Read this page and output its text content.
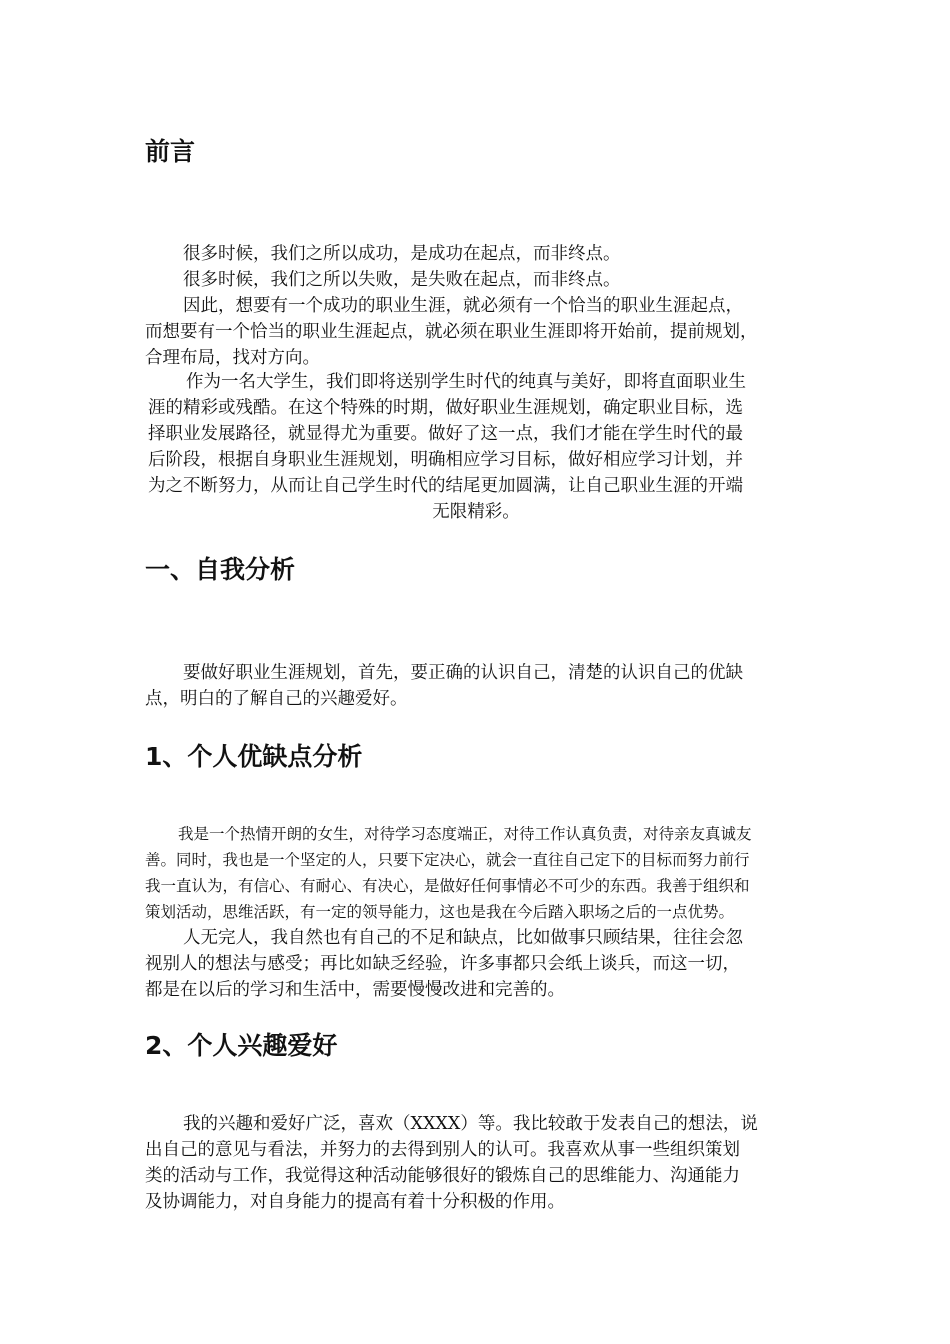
前言
很多时候，我们之所以成功，是成功在起点，而非终点。
很多时候，我们之所以失败，是失败在起点，而非终点。
因此，想要有一个成功的职业生涯，就必须有一个恰当的职业生涯起点，
而想要有一个恰当的职业生涯起点，就必须在职业生涯即将开始前，提前规划，
合理布局，找对方向。
作为一名大学生，我们即将送别学生时代的纯真与美好，即将直面职业生
涯的精彩或残酷。在这个特殊的时期，做好职业生涯规划，确定职业目标，选
择职业发展路径，就显得尤为重要。做好了这一点，我们才能在学生时代的最
后阶段，根据自身职业生涯规划，明确相应学习目标，做好相应学习计划，并
为之不断努力，从而让自己学生时代的结尾更加圆满，让自己职业生涯的开端
无限精彩。
一、自我分析
要做好职业生涯规划，首先，要正确的认识自己，清楚的认识自己的优缺
点，明白的了解自己的兴趣爱好。
1、个人优缺点分析
我是一个热情开朗的女生，对待学习态度端正，对待工作认真负责，对待亲友真诚友
善。同时，我也是一个坚定的人，只要下定决心，就会一直往自己定下的目标而努力前行
我一直认为，有信心、有耐心、有决心，是做好任何事情必不可少的东西。我善于组织和
策划活动，思维活跃，有一定的领导能力，这也是我在今后踏入职场之后的一点优势。
人无完人，我自然也有自己的不足和缺点，比如做事只顾结果，往往会忽
视别人的想法与感受；再比如缺乏经验，许多事都只会纸上谈兵，而这一切，
都是在以后的学习和生活中，需要慢慢改进和完善的。
2、个人兴趣爱好
我的兴趣和爱好广泛，喜欢（XXXX）等。我比较敢于发表自己的想法，说
出自己的意见与看法，并努力的去得到别人的认可。我喜欢从事一些组织策划
类的活动与工作，我觉得这种活动能够很好的锻炼自己的思维能力、沟通能力
及协调能力，对自身能力的提高有着十分积极的作用。
